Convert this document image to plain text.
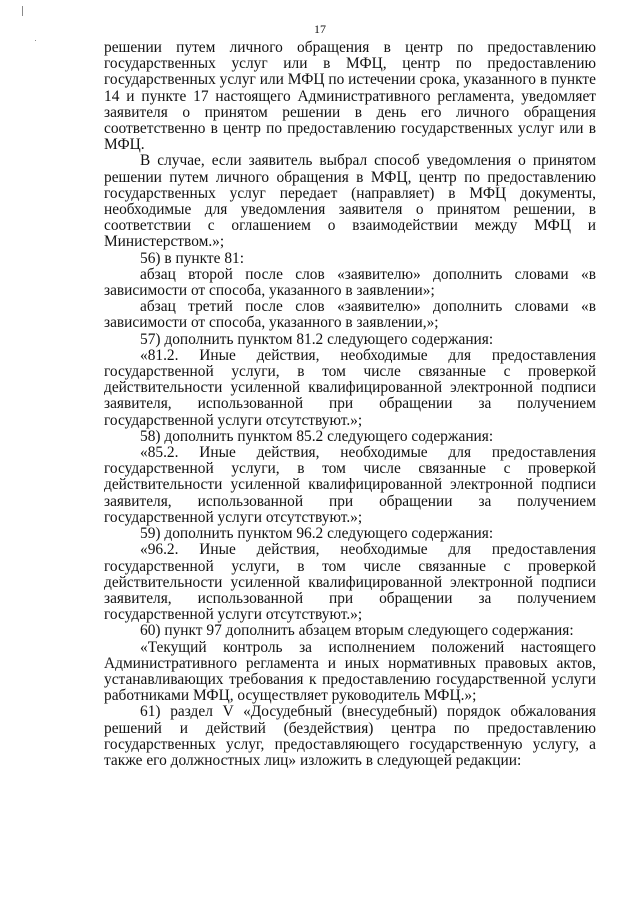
17

решении путем личного обращения в центр по предоставлению государственных услуг или в МФЦ, центр по предоставлению государственных услуг или МФЦ по истечении срока, указанного в пункте 14 и пункте 17 настоящего Административного регламента, уведомляет заявителя о принятом решении в день его личного обращения соответственно в центр по предоставлению государственных услуг или в МФЦ.

В случае, если заявитель выбрал способ уведомления о принятом решении путем личного обращения в МФЦ, центр по предоставлению государственных услуг передает (направляет) в МФЦ документы, необходимые для уведомления заявителя о принятом решении, в соответствии с оглашением о взаимодействии между МФЦ и Министерством.»;

56) в пункте 81:

абзац второй после слов «заявителю» дополнить словами «в зависимости от способа, указанного в заявлении»;

абзац третий после слов «заявителю» дополнить словами «в зависимости от способа, указанного в заявлении,»;

57) дополнить пунктом 81.2 следующего содержания:

«81.2. Иные действия, необходимые для предоставления государственной услуги, в том числе связанные с проверкой действительности усиленной квалифицированной электронной подписи заявителя, использованной при обращении за получением государственной услуги отсутствуют.»;

58) дополнить пунктом 85.2 следующего содержания:

«85.2. Иные действия, необходимые для предоставления государственной услуги, в том числе связанные с проверкой действительности усиленной квалифицированной электронной подписи заявителя, использованной при обращении за получением государственной услуги отсутствуют.»;

59) дополнить пунктом 96.2 следующего содержания:

«96.2. Иные действия, необходимые для предоставления государственной услуги, в том числе связанные с проверкой действительности усиленной квалифицированной электронной подписи заявителя, использованной при обращении за получением государственной услуги отсутствуют.»;

60) пункт 97 дополнить абзацем вторым следующего содержания:

«Текущий контроль за исполнением положений настоящего Административного регламента и иных нормативных правовых актов, устанавливающих требования к предоставлению государственной услуги работниками МФЦ, осуществляет руководитель МФЦ.»;

61) раздел V «Досудебный (внесудебный) порядок обжалования решений и действий (бездействия) центра по предоставлению государственных услуг, предоставляющего государственную услугу, а также его должностных лиц» изложить в следующей редакции:
